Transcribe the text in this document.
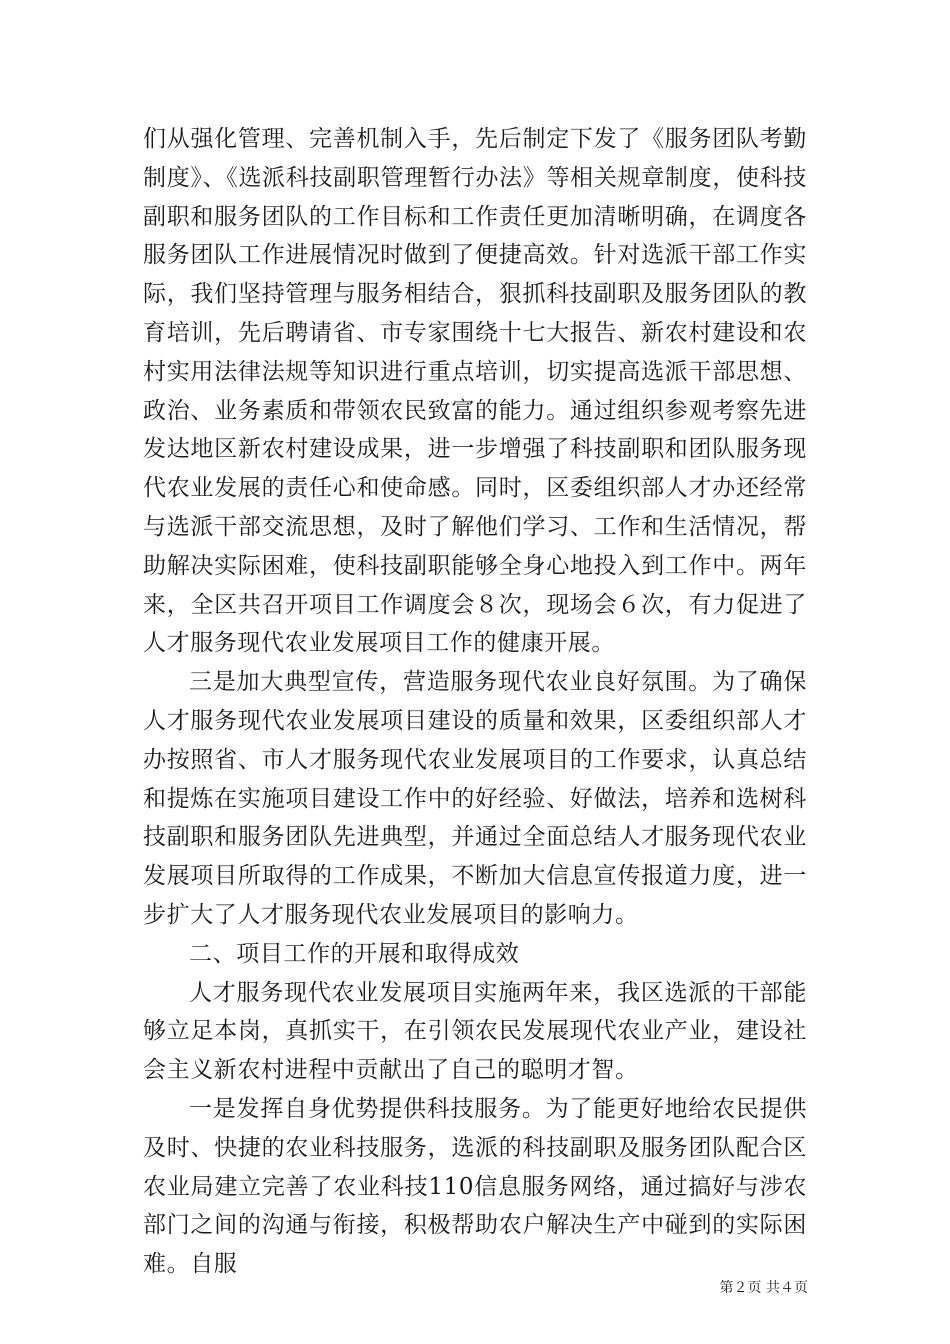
们从强化管理、完善机制入手，先后制定下发了《服务团队考勤制度》、《选派科技副职管理暂行办法》等相关规章制度，使科技副职和服务团队的工作目标和工作责任更加清晰明确，在调度各服务团队工作进展情况时做到了便捷高效。针对选派干部工作实际，我们坚持管理与服务相结合，狠抓科技副职及服务团队的教育培训，先后聘请省、市专家围绕十七大报告、新农村建设和农村实用法律法规等知识进行重点培训，切实提高选派干部思想、政治、业务素质和带领农民致富的能力。通过组织参观考察先进发达地区新农村建设成果，进一步增强了科技副职和团队服务现代农业发展的责任心和使命感。同时，区委组织部人才办还经常与选派干部交流思想，及时了解他们学习、工作和生活情况，帮助解决实际困难，使科技副职能够全身心地投入到工作中。两年来，全区共召开项目工作调度会８次，现场会６次，有力促进了人才服务现代农业发展项目工作的健康开展。

三是加大典型宣传，营造服务现代农业良好氛围。为了确保人才服务现代农业发展项目建设的质量和效果，区委组织部人才办按照省、市人才服务现代农业发展项目的工作要求，认真总结和提炼在实施项目建设工作中的好经验、好做法，培养和选树科技副职和服务团队先进典型，并通过全面总结人才服务现代农业发展项目所取得的工作成果，不断加大信息宣传报道力度，进一步扩大了人才服务现代农业发展项目的影响力。

二、项目工作的开展和取得成效

人才服务现代农业发展项目实施两年来，我区选派的干部能够立足本岗，真抓实干，在引领农民发展现代农业产业，建设社会主义新农村进程中贡献出了自己的聪明才智。

一是发挥自身优势提供科技服务。为了能更好地给农民提供及时、快捷的农业科技服务，选派的科技副职及服务团队配合区农业局建立完善了农业科技110信息服务网络，通过搞好与涉农部门之间的沟通与衔接，积极帮助农户解决生产中碰到的实际困难。自服

第２页 共４页
